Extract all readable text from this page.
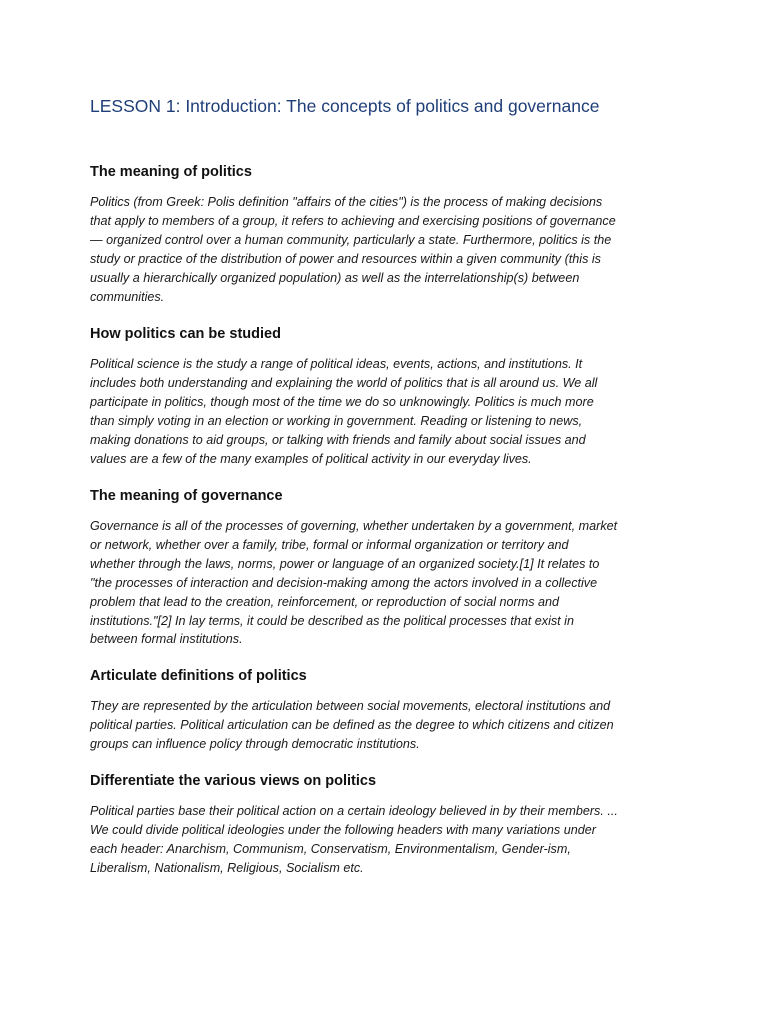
LESSON 1: Introduction: The concepts of politics and governance
The meaning of politics

Politics (from Greek: Polis definition "affairs of the cities") is the process of making decisions
that apply to members of a group, it refers to achieving and exercising positions of governance
— organized control over a human community, particularly a state. Furthermore, politics is the
study or practice of the distribution of power and resources within a given community (this is
usually a hierarchically organized population) as well as the interrelationship(s) between
communities.

How politics can be studied

Political science is the study a range of political ideas, events, actions, and institutions. It
includes both understanding and explaining the world of politics that is all around us. We all
participate in politics, though most of the time we do so unknowingly. Politics is much more
than simply voting in an election or working in government. Reading or listening to news,
making donations to aid groups, or talking with friends and family about social issues and
values are a few of the many examples of political activity in our everyday lives.

The meaning of governance

Governance is all of the processes of governing, whether undertaken by a government, market
or network, whether over a family, tribe, formal or informal organization or territory and
whether through the laws, norms, power or language of an organized society.[1] It relates to
"the processes of interaction and decision-making among the actors involved in a collective
problem that lead to the creation, reinforcement, or reproduction of social norms and
institutions."[2] In lay terms, it could be described as the political processes that exist in
between formal institutions.

Articulate definitions of politics

They are represented by the articulation between social movements, electoral institutions and
political parties. Political articulation can be defined as the degree to which citizens and citizen
groups can influence policy through democratic institutions.

Differentiate the various views on politics

Political parties base their political action on a certain ideology believed in by their members. ...
We could divide political ideologies under the following headers with many variations under
each header: Anarchism, Communism, Conservatism, Environmentalism, Gender-ism,
Liberalism, Nationalism, Religious, Socialism etc.
